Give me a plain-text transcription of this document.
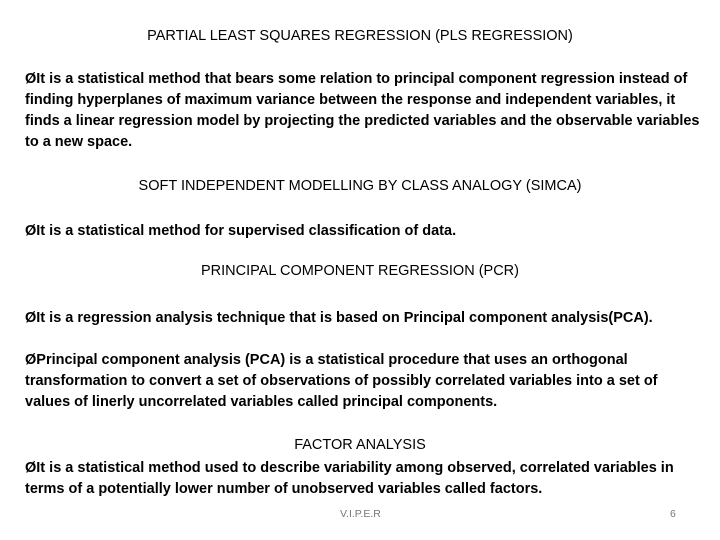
PARTIAL LEAST SQUARES REGRESSION (PLS REGRESSION)

ØIt is a statistical method that bears some relation to principal component regression instead of finding hyperplanes of maximum variance between the response and independent variables, it finds a linear regression model by projecting the predicted variables and the observable variables to a new space.

SOFT INDEPENDENT MODELLING BY CLASS ANALOGY (SIMCA)

ØIt is a statistical method for supervised classification of data.

PRINCIPAL COMPONENT REGRESSION (PCR)

ØIt is a regression analysis technique that is based on Principal component analysis(PCA).

ØPrincipal component analysis (PCA) is a statistical procedure that uses an orthogonal transformation to convert a set of observations of possibly correlated variables into a set of values of linerly uncorrelated variables called principal components.

FACTOR ANALYSIS

ØIt is a statistical method used to describe variability among observed, correlated variables in terms of a potentially lower number of unobserved variables called factors.

V.I.P.E.R	6
